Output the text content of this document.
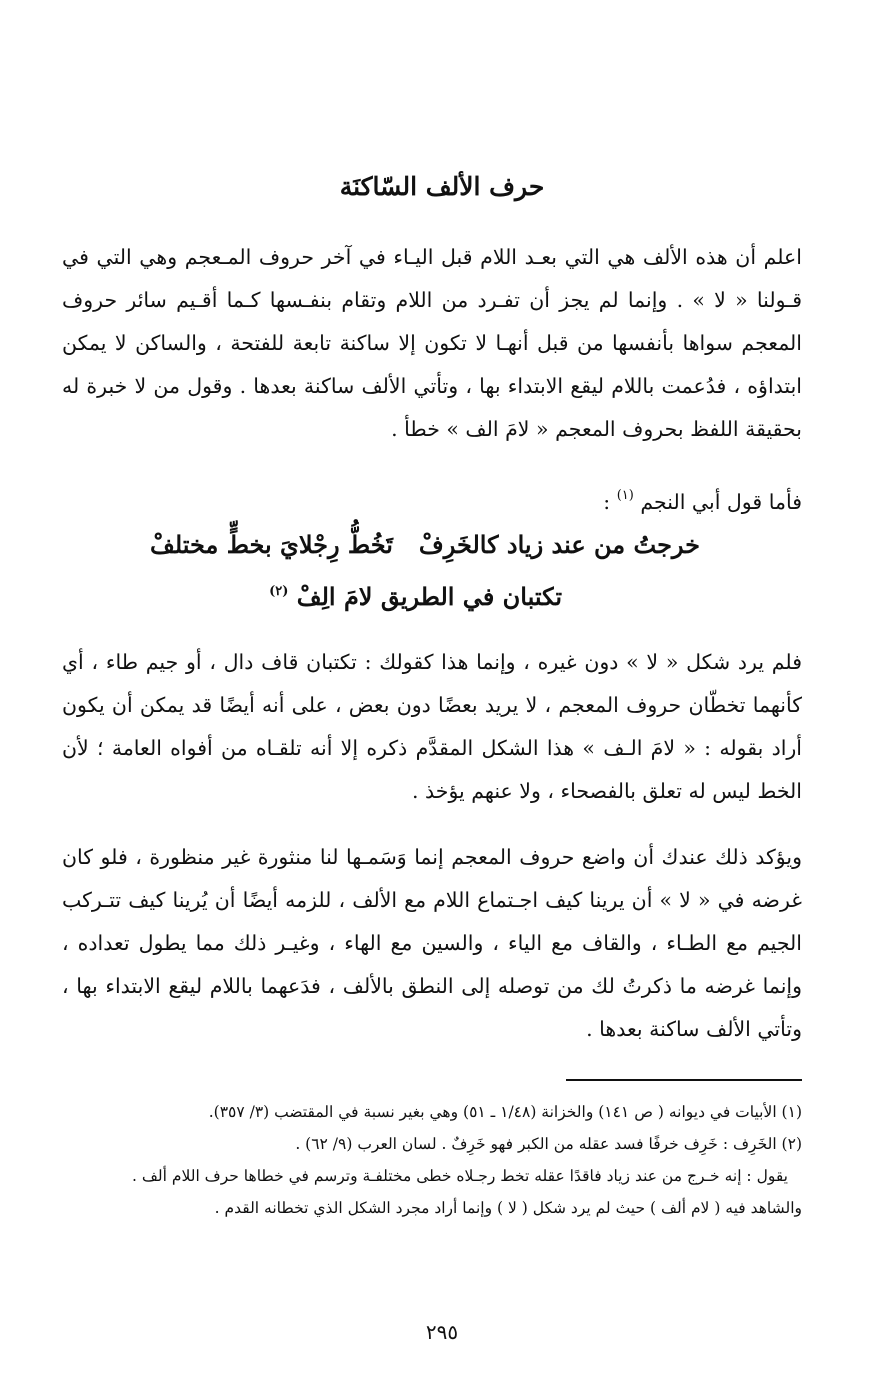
حرف الألف السّاكنَة

اعلم أن هذه الألف هي التي بعـد اللام قبل اليـاء في آخر حروف المـعجم وهي التي في قـولنا « لا » . وإنما لم يجز أن تفـرد من اللام وتقام بنفـسها كـما أقـيم سائر حروف المعجم سواها بأنفسها من قبل أنهـا لا تكون إلا ساكنة تابعة للفتحة ، والساكن لا يمكن ابتداؤه ، فدُعمت باللام ليقع الابتداء بها ، وتأتي الألف ساكنة بعدها . وقول من لا خبرة له بحقيقة اللفظ بحروف المعجم « لامَ الف » خطأ .

فأما قول أبي النجم $^{(١)}$ :

خرجتُ من عند زياد كالخَرِفْ
تَخُطُّ رِجْلايَ بخطٍّ مختلفْ
تكتبان في الطريق لامَ الِفْ $^{(٢)}$

فلم يرد شكل « لا » دون غيره ، وإنما هذا كقولك : تكتبان قاف دال ، أو جيم طاء ، أي كأنهما تخطّان حروف المعجم ، لا يريد بعضًا دون بعض ، على أنه أيضًا قد يمكن أن يكون أراد بقوله : « لامَ الـف » هذا الشكل المقدَّم ذكره إلا أنه تلقـاه من أفواه العامة ؛ لأن الخط ليس له تعلق بالفصحاء ، ولا عنهم يؤخذ .

ويؤكد ذلك عندك أن واضع حروف المعجم إنما وَسَمـها لنا منثورة غير منظورة ، فلو كان غرضه في « لا » أن يرينا كيف اجـتماع اللام مع الألف ، للزمه أيضًا أن يُرينا كيف تتـركب الجيم مع الطـاء ، والقاف مع الياء ، والسين مع الهاء ، وغيـر ذلك مما يطول تعداده ، وإنما غرضه ما ذكرتُ لك من توصله إلى النطق بالألف ، فدَعهما باللام ليقع الابتداء بها ، وتأتي الألف ساكنة بعدها .

(١) الأبيات في ديوانه ( ص ١٤١) والخزانة (١/٤٨ ـ ٥١) وهي بغير نسبة في المقتضب (٣/ ٣٥٧).

(٢) الخَرِف : خَرِف خرفًا فسد عقله من الكبر فهو خَرِفٌ . لسان العرب (٩/ ٦٢) .

يقول : إنه خـرج من عند زياد فاقدًا عقله تخط رجـلاه خطى مختلفـة وترسم في خطاها حرف اللام ألف .

والشاهد فيه ( لام ألف ) حيث لم يرد شكل ( لا ) وإنما أراد مجرد الشكل الذي تخطانه القدم .

٢٩٥
